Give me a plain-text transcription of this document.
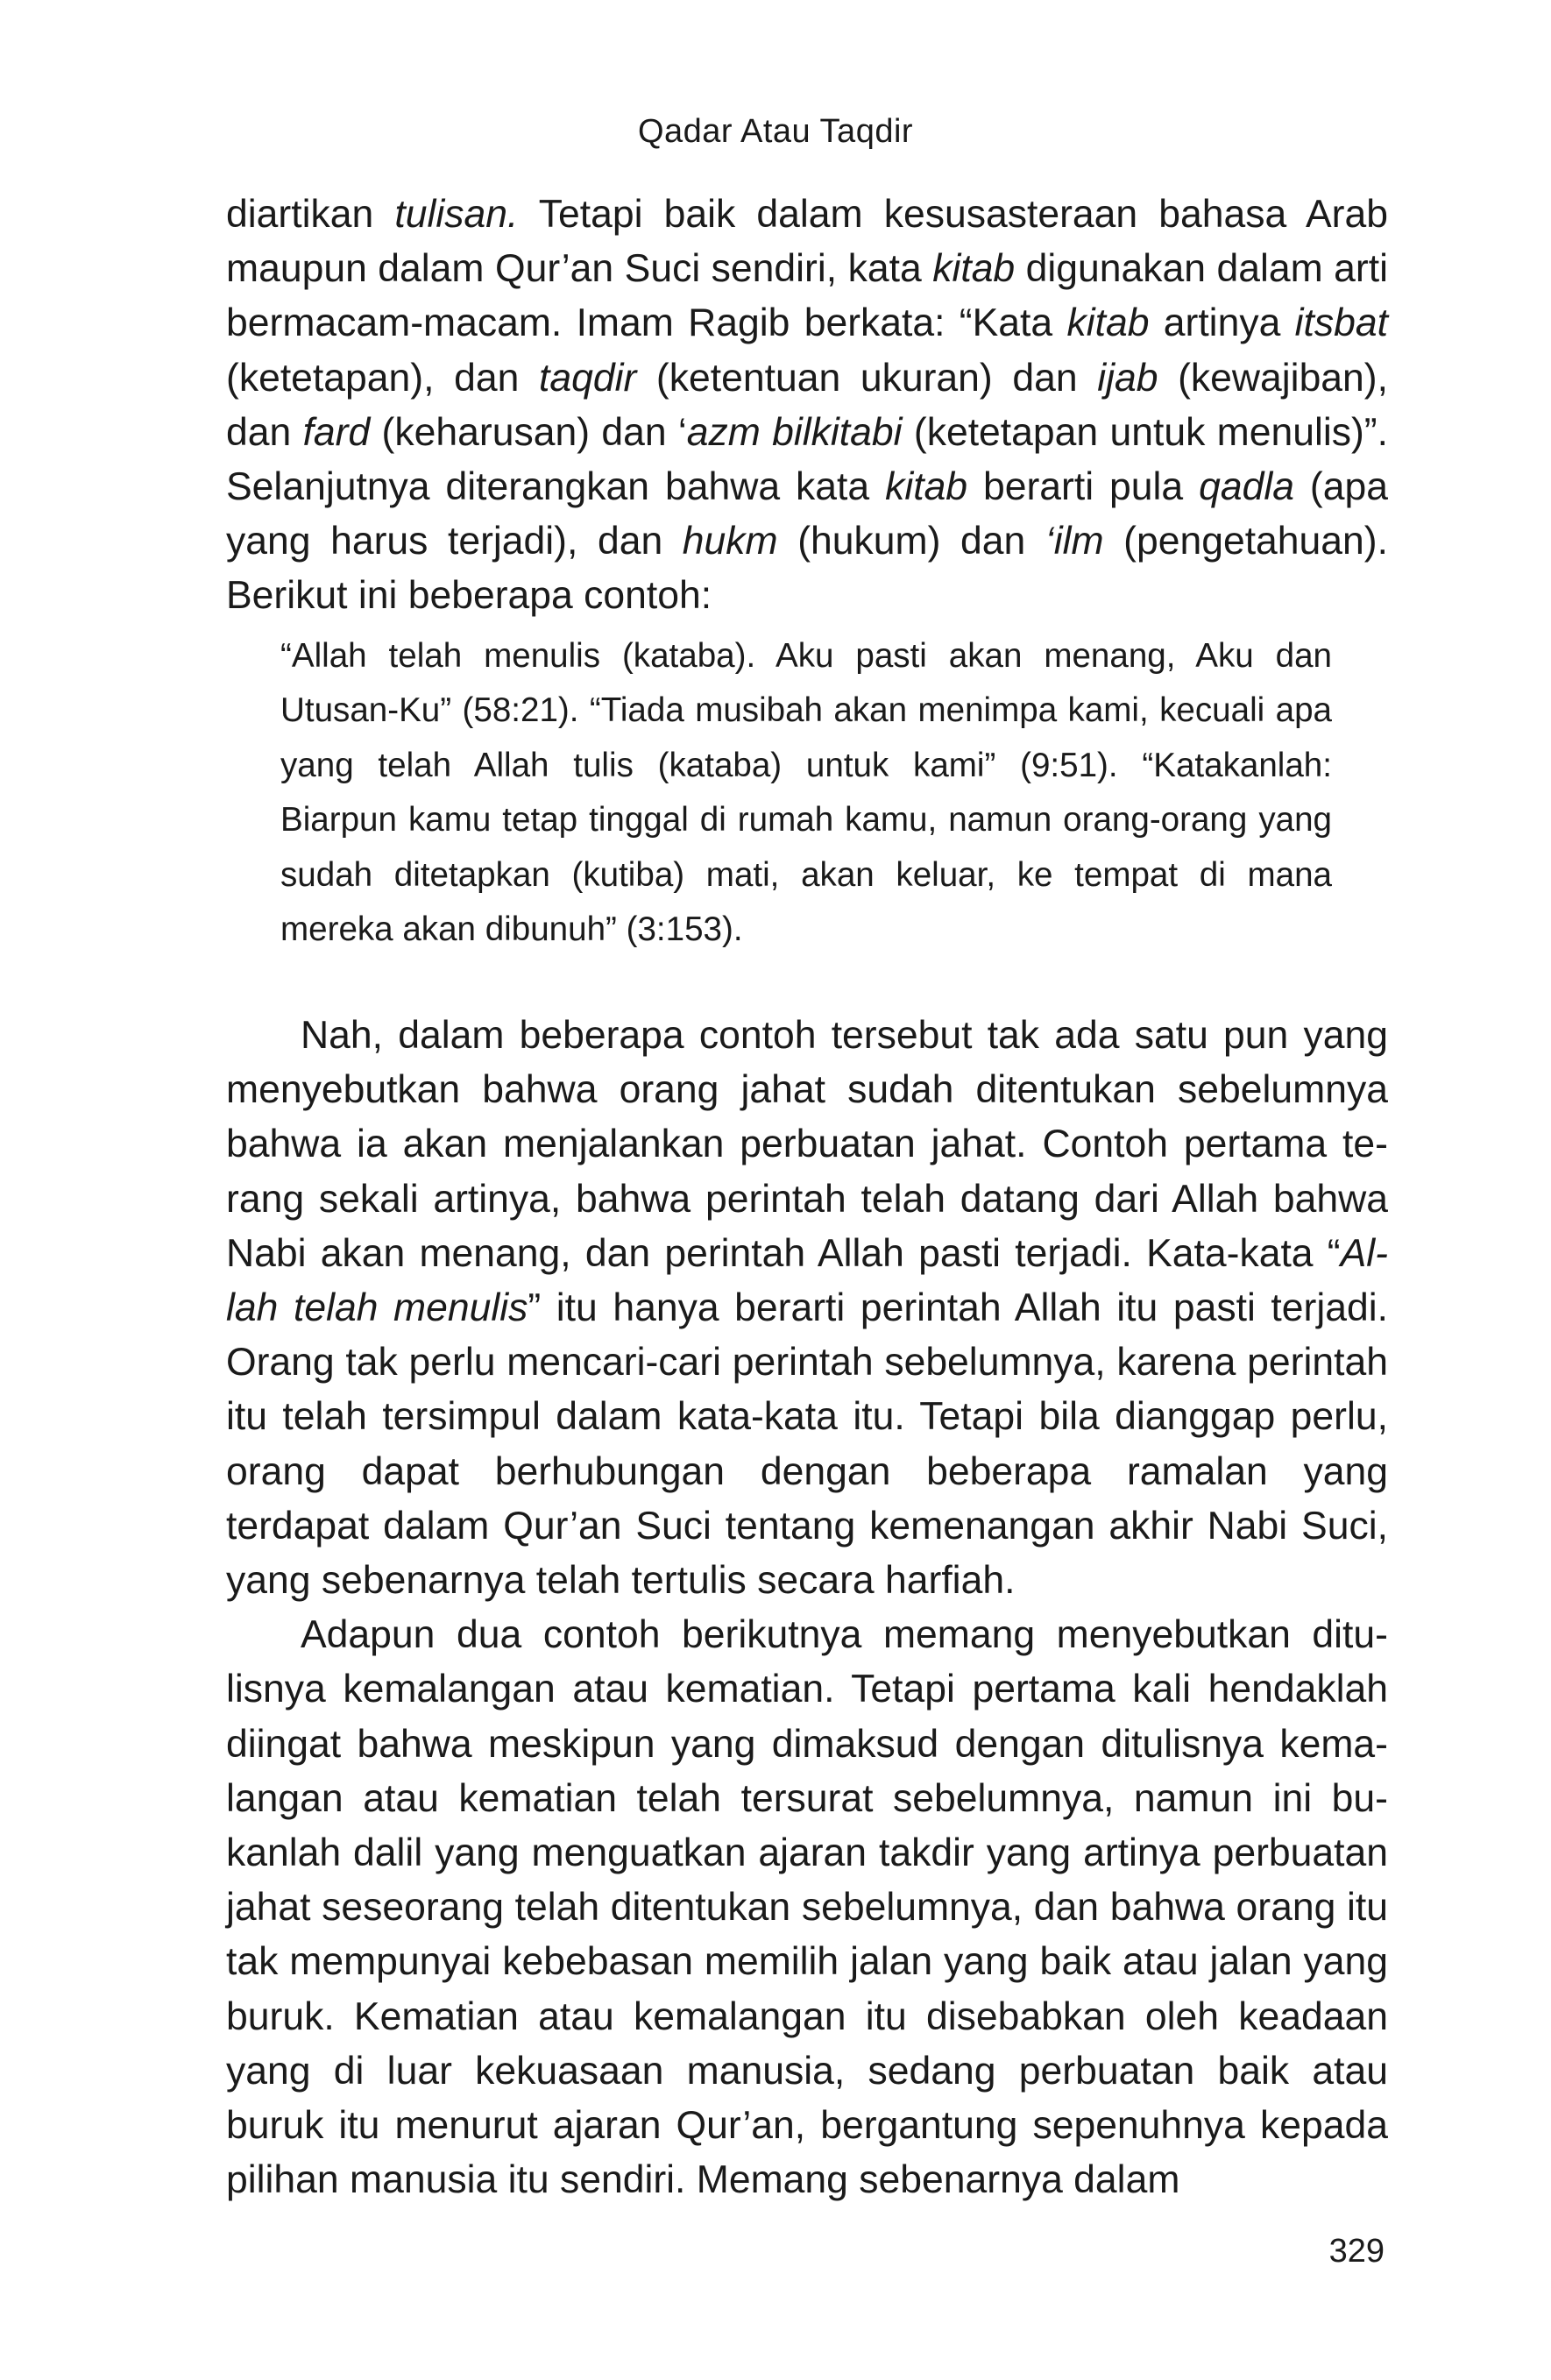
Qadar Atau Taqdir

diartikan tulisan. Tetapi baik dalam kesusasteraan bahasa Arab maupun dalam Qur’an Suci sendiri, kata kitab digunakan dalam arti bermacam-macam. Imam Ragib berkata: “Kata kitab artinya itsbat (ketetapan), dan taqdir (ketentuan ukuran) dan ijab (kewajiban), dan fard (keharusan) dan ‘azm bilkitabi (ketetapan untuk menulis)”. Selanjutnya diterangkan bahwa kata kitab berarti pula qadla (apa yang harus terjadi), dan hukm (hukum) dan ‘ilm (pengetahuan). Berikut ini beberapa contoh:

“Allah telah menulis (kataba). Aku pasti akan menang, Aku dan Utusan-Ku” (58:21). “Tiada musibah akan menimpa kami, kecuali apa yang telah Allah tulis (kataba) untuk kami” (9:51). “Katakanlah: Biarpun kamu tetap tinggal di rumah kamu, namun orang-orang yang sudah ditetapkan (kutiba) mati, akan keluar, ke tempat di mana mereka akan dibunuh” (3:153).

Nah, dalam beberapa contoh tersebut tak ada satu pun yang menyebutkan bahwa orang jahat sudah ditentukan sebelumnya bahwa ia akan menjalankan perbuatan jahat. Contoh pertama terang sekali artinya, bahwa perintah telah datang dari Allah bahwa Nabi akan menang, dan perintah Allah pasti terjadi. Kata-kata “Allah telah menulis” itu hanya berarti perintah Allah itu pasti terjadi. Orang tak perlu mencari-cari perintah sebelumnya, karena perintah itu telah tersimpul dalam kata-kata itu. Tetapi bila dianggap perlu, orang dapat berhubungan dengan beberapa ramalan yang terdapat dalam Qur’an Suci tentang kemenangan akhir Nabi Suci, yang sebenarnya telah tertulis secara harfiah.

Adapun dua contoh berikutnya memang menyebutkan ditulisnya kemalangan atau kematian. Tetapi pertama kali hendaklah diingat bahwa meskipun yang dimaksud dengan ditulisnya kemalangan atau kematian telah tersurat sebelumnya, namun ini bukanlah dalil yang menguatkan ajaran takdir yang artinya perbuatan jahat seseorang telah ditentukan sebelumnya, dan bahwa orang itu tak mempunyai kebebasan memilih jalan yang baik atau jalan yang buruk. Kematian atau kemalangan itu disebabkan oleh keadaan yang di luar kekuasaan manusia, sedang perbuatan baik atau buruk itu menurut ajaran Qur’an, bergantung sepenuhnya kepada pilihan manusia itu sendiri. Memang sebenarnya dalam

329
